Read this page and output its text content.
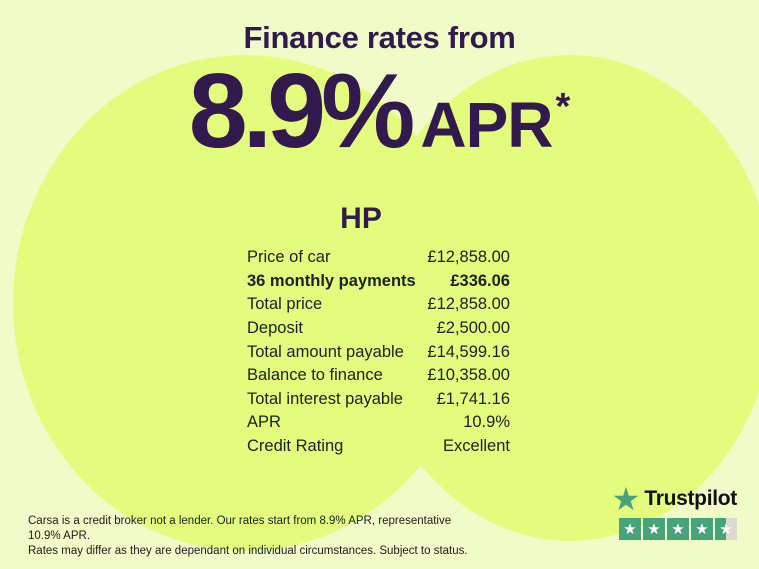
Finance rates from
8.9% APR *
HP
Price of car	£12,858.00
36 monthly payments £336.06
Total price	£12,858.00
Deposit	£2,500.00
Total amount payable £14,599.16
Balance to finance	£10,358.00
Total interest payable £1,741.16
APR	10.9%
Credit Rating	Excellent
Carsa is a credit broker not a lender. Our rates start from 8.9% APR, representative 10.9% APR.
Rates may differ as they are dependant on individual circumstances. Subject to status.
★ Trustpilot
★ ★ ★ ★ ★
